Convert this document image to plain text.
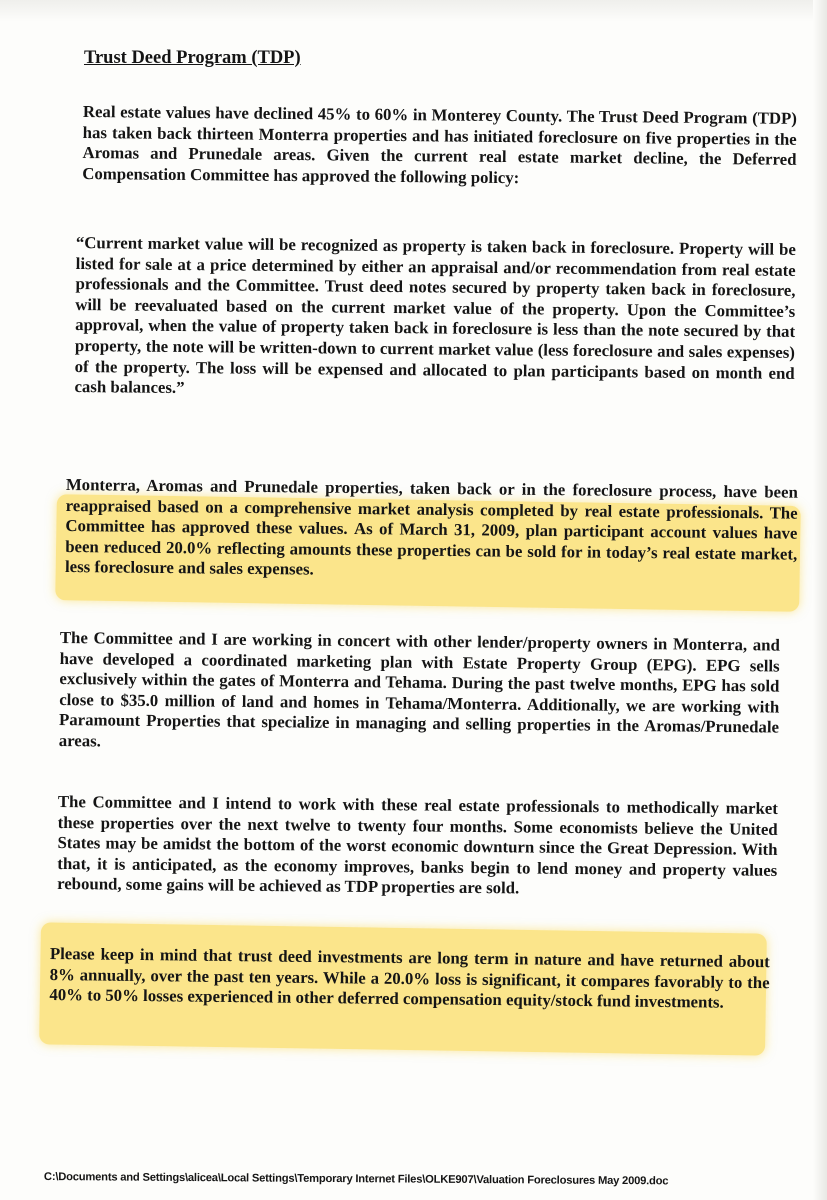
Trust Deed Program (TDP)

Real estate values have declined 45% to 60% in Monterey County. The Trust Deed Program (TDP) has taken back thirteen Monterra properties and has initiated foreclosure on five properties in the Aromas and Prunedale areas. Given the current real estate market decline, the Deferred Compensation Committee has approved the following policy:

“Current market value will be recognized as property is taken back in foreclosure. Property will be listed for sale at a price determined by either an appraisal and/or recommendation from real estate professionals and the Committee. Trust deed notes secured by property taken back in foreclosure, will be reevaluated based on the current market value of the property. Upon the Committee’s approval, when the value of property taken back in foreclosure is less than the note secured by that property, the note will be written-down to current market value (less foreclosure and sales expenses) of the property. The loss will be expensed and allocated to plan participants based on month end cash balances.”

Monterra, Aromas and Prunedale properties, taken back or in the foreclosure process, have been reappraised based on a comprehensive market analysis completed by real estate professionals. The Committee has approved these values. As of March 31, 2009, plan participant account values have been reduced 20.0% reflecting amounts these properties can be sold for in today’s real estate market, less foreclosure and sales expenses.

The Committee and I are working in concert with other lender/property owners in Monterra, and have developed a coordinated marketing plan with Estate Property Group (EPG). EPG sells exclusively within the gates of Monterra and Tehama. During the past twelve months, EPG has sold close to $35.0 million of land and homes in Tehama/Monterra. Additionally, we are working with Paramount Properties that specialize in managing and selling properties in the Aromas/Prunedale areas.

The Committee and I intend to work with these real estate professionals to methodically market these properties over the next twelve to twenty four months. Some economists believe the United States may be amidst the bottom of the worst economic downturn since the Great Depression. With that, it is anticipated, as the economy improves, banks begin to lend money and property values rebound, some gains will be achieved as TDP properties are sold.

Please keep in mind that trust deed investments are long term in nature and have returned about 8% annually, over the past ten years. While a 20.0% loss is significant, it compares favorably to the 40% to 50% losses experienced in other deferred compensation equity/stock fund investments.

C:\Documents and Settings\alicea\Local Settings\Temporary Internet Files\OLKE907\Valuation Foreclosures May 2009.doc
